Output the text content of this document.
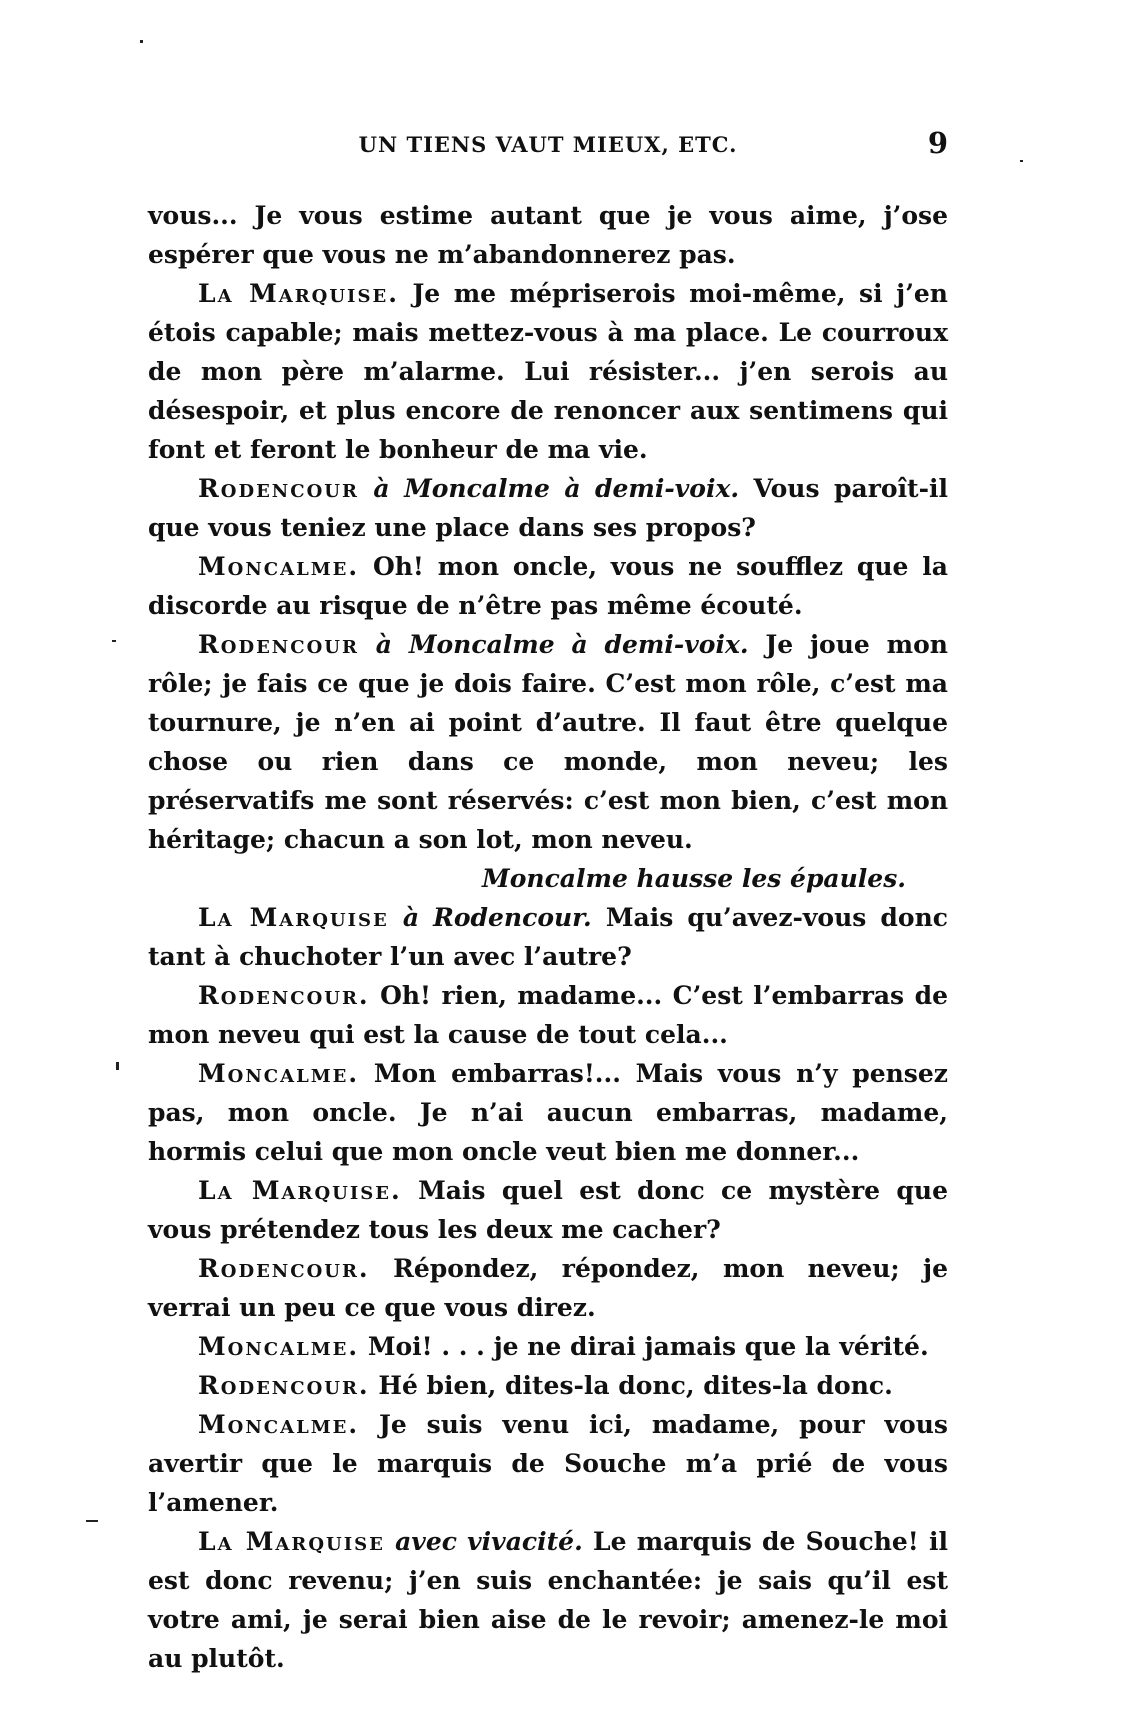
UN TIENS VAUT MIEUX, ETC.	9

vous... Je vous estime autant que je vous aime, j’ose espérer que vous ne m’abandonnerez pas.

La Marquise. Je me mépriserois moi-même, si j’en étois capable; mais mettez-vous à ma place. Le courroux de mon père m’alarme. Lui résister... j’en serois au désespoir, et plus encore de renoncer aux sentimens qui font et feront le bonheur de ma vie.

Rodencour à Moncalme à demi-voix. Vous paroît-il que vous teniez une place dans ses propos?

Moncalme. Oh! mon oncle, vous ne soufflez que la discorde au risque de n’être pas même écouté.

Rodencour à Moncalme à demi-voix. Je joue mon rôle; je fais ce que je dois faire. C’est mon rôle, c’est ma tournure, je n’en ai point d’autre. Il faut être quelque chose ou rien dans ce monde, mon neveu; les préservatifs me sont réservés: c’est mon bien, c’est mon héritage; chacun a son lot, mon neveu.

Moncalme hausse les épaules.

La Marquise à Rodencour. Mais qu’avez-vous donc tant à chuchoter l’un avec l’autre?

Rodencour. Oh! rien, madame... C’est l’embarras de mon neveu qui est la cause de tout cela...

Moncalme. Mon embarras!... Mais vous n’y pensez pas, mon oncle. Je n’ai aucun embarras, madame, hormis celui que mon oncle veut bien me donner...

La Marquise. Mais quel est donc ce mystère que vous prétendez tous les deux me cacher?

Rodencour. Répondez, répondez, mon neveu; je verrai un peu ce que vous direz.

Moncalme. Moi! . . . je ne dirai jamais que la vérité.

Rodencour. Hé bien, dites-la donc, dites-la donc.

Moncalme. Je suis venu ici, madame, pour vous avertir que le marquis de Souche m’a prié de vous l’amener.

La Marquise avec vivacité. Le marquis de Souche! il est donc revenu; j’en suis enchantée: je sais qu’il est votre ami, je serai bien aise de le revoir; amenez-le moi au plutôt.
